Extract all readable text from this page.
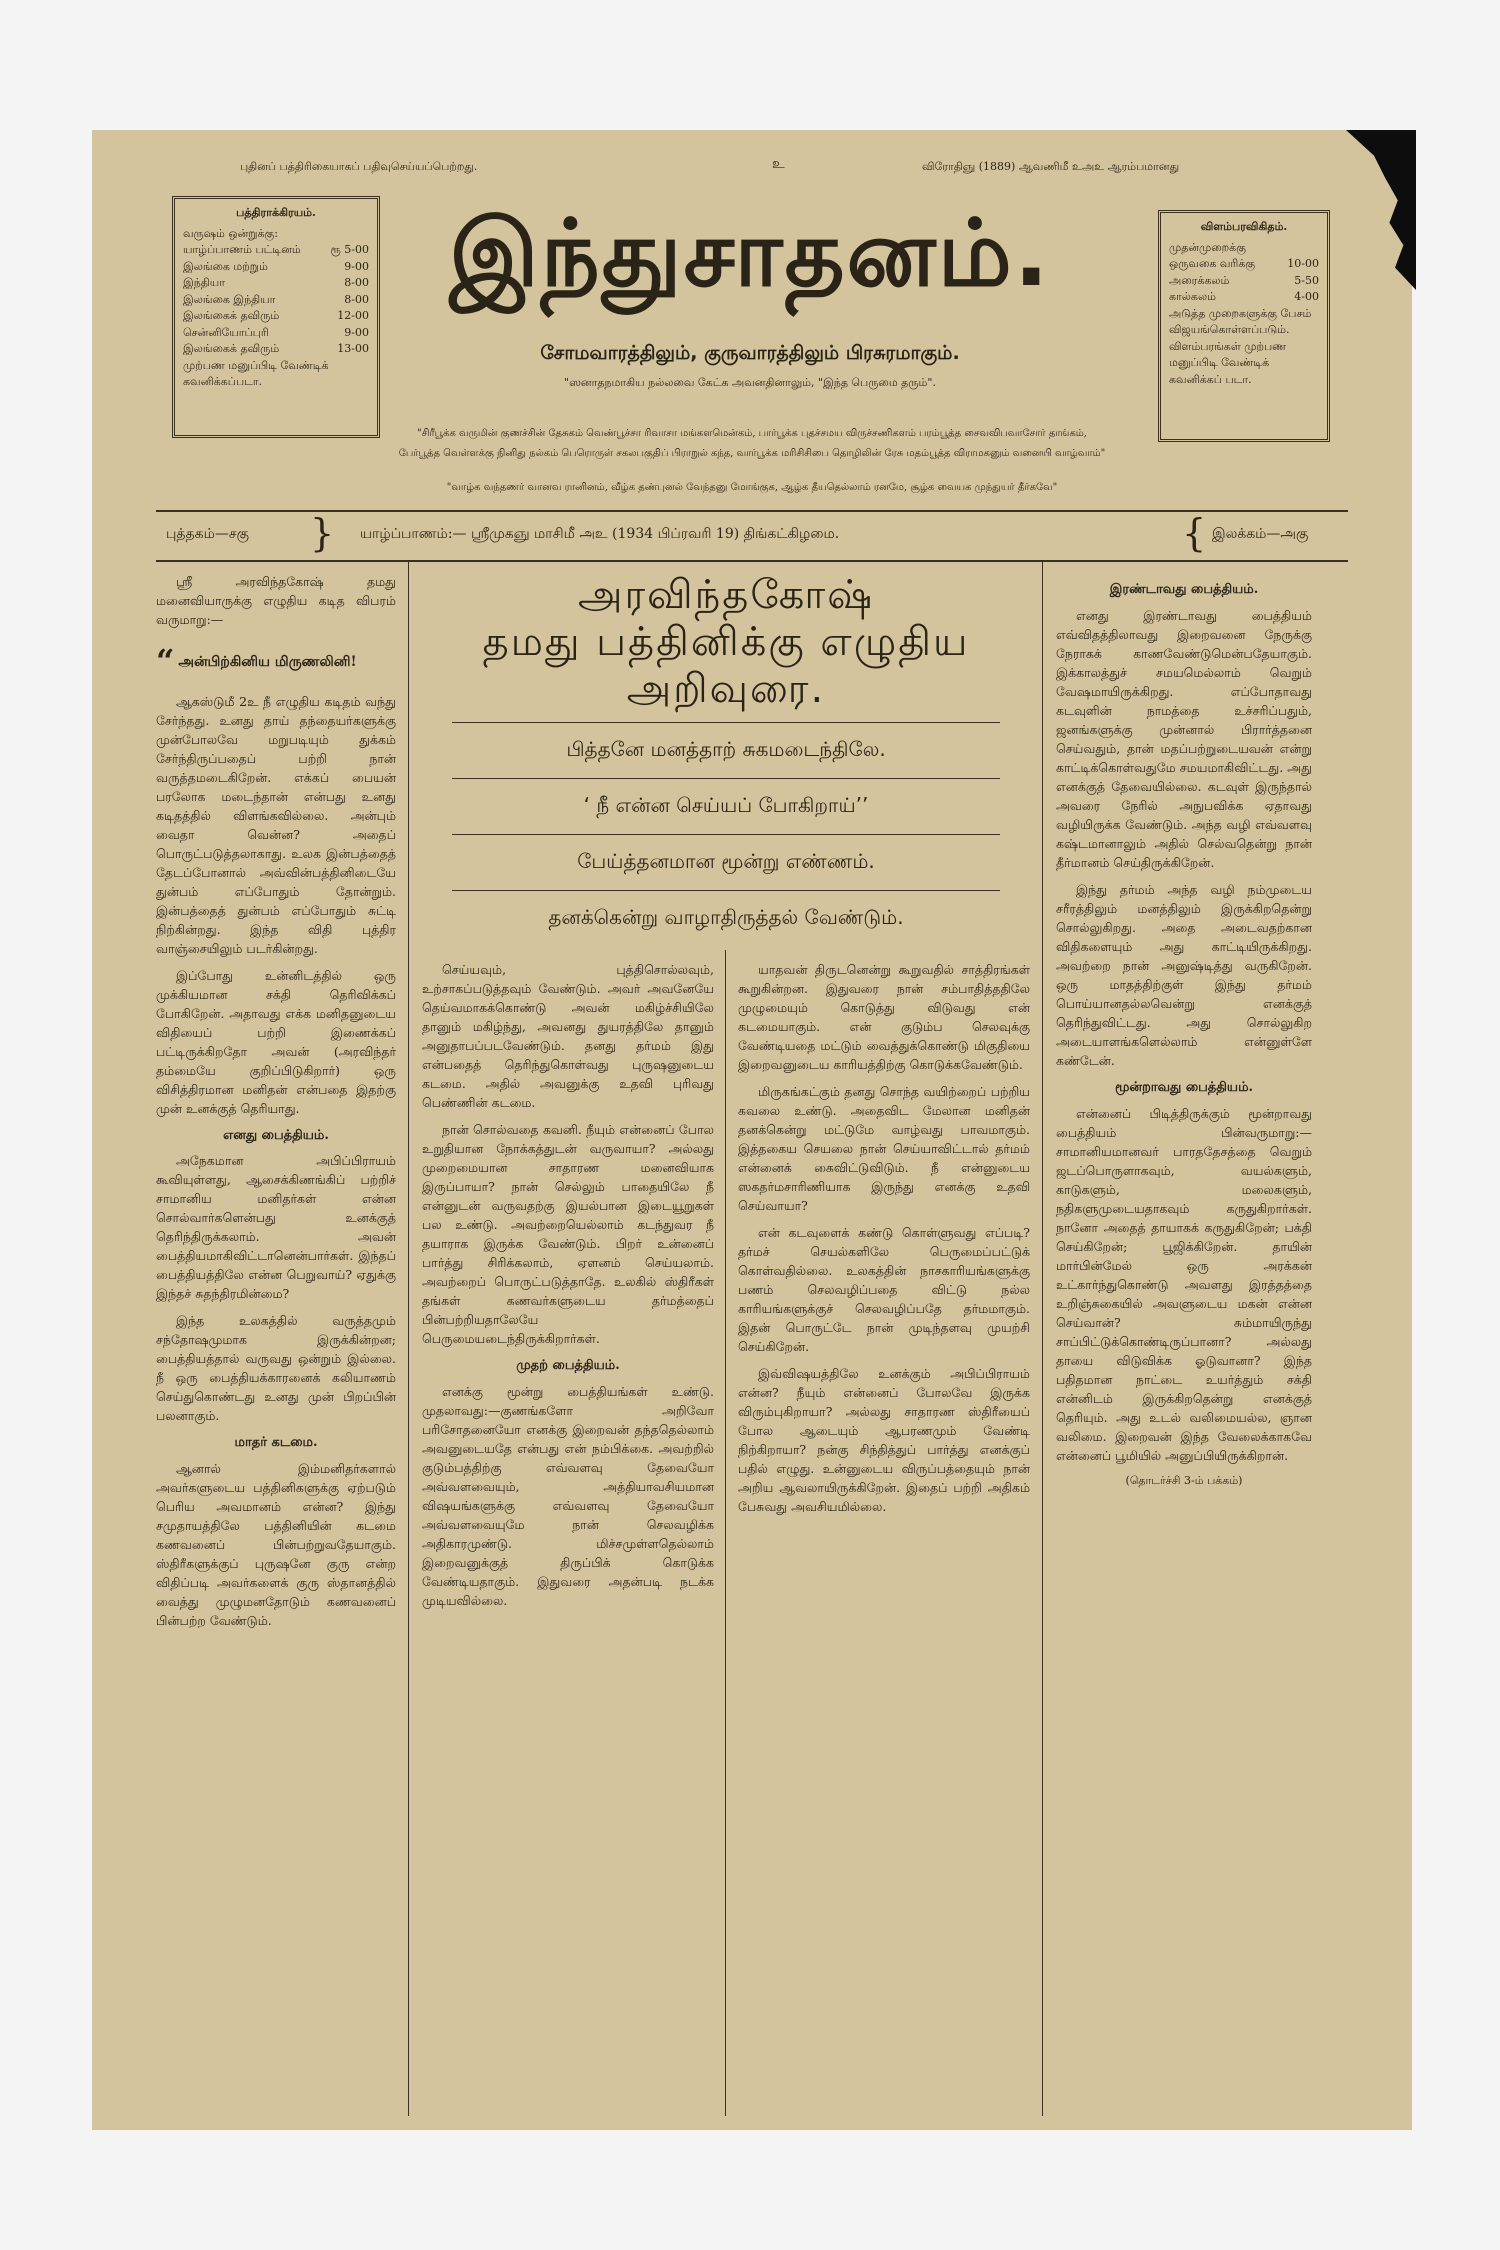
புதினப் பத்திரிகையாகப் பதிவுசெய்யப்பெற்றது.	உ	விரோதிஞு (1889) ஆவணிமீ உஅஉ ஆரம்பமானது
பத்திராக்கிரயம்.
வருஷம் ஒன்றுக்கு:
யாழ்ப்பாணம் பட்டினம்	ரூ 5-00
இலங்கை மற்றும்	9-00
இந்தியா	8-00
இலங்கை இந்தியா	8-00
இலங்கைக் தவிரும்	12-00
சென்னியோப்புரி	9-00
இலங்கைக் தவிரும்	13-00
முற்பண மனுப்பிடி வேண்டிக் கவனிக்கப்படா.
இந்துசாதனம்.
சோமவாரத்திலும், குருவாரத்திலும் பிரசுரமாகும்.
"ஸனாதநமாகிய நல்லவை கேட்க அவனதினாலும், "இந்த பெருமை தரும்".
விளம்பரவிகிதம்.
முதன்முறைக்கு
ஒருவகை வரிக்கு	10-00
அரைக்கலம்	5-50
கால்கலம்	4-00
அடுத்த முறைகளுக்கு பேசம் விஜயங்கொள்ளப்படும்.
விளம்பரங்கள் முற்பண மனுப்பிடி வேண்டிக் கவனிக்கப் படா.
"சிரீபூக்க வருமின் குணச்சின் தேசுகம் வெண்பூச்சா ரிவாசா மங்களமென்கம், பார்பூக்க புதச்சமய விருச்சணிகளம் பரம்பூத்த சைவவிபவாசோர் தாங்கம்,
பேர்பூத்த வெள்ளக்கு நினிது நல்கம் பெரொருள் சகலபகுதிப் பிராறுல் கந்த, வார்பூக்க மரிசிசிபை தொழிலின் ரேசு மதம்பூத்த விராமகனும் வனையி வாழ்வாம்"
"வாழ்க வந்தணர் வானவ ரானினம், வீழ்க தண்புனல் வேந்தனு மோங்குக, ஆழ்க தீயதெல்லாம் ரனமே, சூழ்க வையக முந்துயர் தீர்கவே"
புத்தகம்—சகு } யாழ்ப்பாணம்:— ஸ்ரீமுகஞு மாசிமீ அஉ (1934 பிப்ரவரி 19) திங்கட்கிழமை.	{ இலக்கம்—அகு

ஸ்ரீ அரவிந்தகோஷ் தமது மனைவியாருக்கு எழுதிய கடித விபரம் வருமாறு:—

“ அன்பிற்கினிய மிருணலினி!

ஆகஸ்டுமீ 2உ நீ எழுதிய கடிதம் வந்து சேர்ந்தது. உனது தாய் தந்தையர்களுக்கு முன்போலவே மறுபடியும் துக்கம் சேர்ந்திருப்பதைப் பற்றி நான் வருத்தமடைகிறேன். எக்கப் பையன் பரலோக மடைந்தான் என்பது உனது கடிதத்தில் விளங்கவில்லை. அன்பும் வைதா வென்ன? அதைப் பொருட்படுத்தலாகாது. உலக இன்பத்தைத் தேடப்போனால் அவ்வின்பத்தினிடையே துன்பம் எப்போதும் தோன்றும். இன்பத்தைத் துன்பம் எப்போதும் சுட்டி நிற்கின்றது. இந்த விதி புத்திர வாஞ்சையிலும் படர்கின்றது.

இப்போது உன்னிடத்தில் ஒரு முக்கியமான சக்தி தெரிவிக்கப் போகிறேன். அதாவது எக்க மனிதனுடைய விதியைப் பற்றி இணைக்கப் பட்டிருக்கிறதோ அவன் (அரவிந்தர் தம்மையே குறிப்பிடுகிறார்) ஒரு விசித்திரமான மனிதன் என்பதை இதற்கு முன் உனக்குத் தெரியாது.

எனது பைத்தியம்.

அநேகமான அபிப்பிராயம் கூவியுள்ளது, ஆசைக்கிணங்கிப் பற்றிச் சாமானிய மனிதர்கள் என்ன சொல்வார்களென்பது உனக்குத் தெரிந்திருக்கலாம். அவன் பைத்தியமாகிவிட்டானென்பார்கள். இந்தப் பைத்தியத்திலே என்ன பெறுவாய்? ஏதுக்கு இந்தச் சுதந்திரமின்மை?

இந்த உலகத்தில் வருத்தமும் சந்தோஷமுமாக இருக்கின்றன; பைத்தியத்தால் வருவது ஒன்றும் இல்லை. நீ ஒரு பைத்தியக்காரனைக் கலியாணம் செய்துகொண்டது உனது முன் பிறப்பின் பலனாகும்.

மாதர் கடமை.

ஆனால் இம்மனிதர்களால் அவர்களுடைய பத்தினிகளுக்கு ஏற்படும் பெரிய அவமானம் என்ன? இந்து சமுதாயத்திலே பத்தினியின் கடமை கணவனைப் பின்பற்றுவதேயாகும். ஸ்திரீகளுக்குப் புருஷனே குரு என்ற விதிப்படி அவர்களைக் குரு ஸ்தானத்தில் வைத்து முழுமனதோடும் கணவனைப் பின்பற்ற வேண்டும்.

அரவிந்தகோஷ்
தமது பத்தினிக்கு எழுதிய
அறிவுரை.
பித்தனே மனத்தாற் சுகமடைந்திலே.
‘ நீ என்ன செய்யப் போகிறாய்’’
பேய்த்தனமான மூன்று எண்ணம்.
தனக்கென்று வாழாதிருத்தல் வேண்டும்.

செய்யவும், புத்திசொல்லவும், உற்சாகப்படுத்தவும் வேண்டும். அவர் அவனேயே தெய்வமாகக்கொண்டு அவன் மகிழ்ச்சியிலே தானும் மகிழ்ந்து, அவனது துயரத்திலே தானும் அனுதாபப்படவேண்டும். தனது தர்மம் இது என்பதைத் தெரிந்துகொள்வது புருஷனுடைய கடமை. அதில் அவனுக்கு உதவி புரிவது பெண்ணின் கடமை.

நான் சொல்வதை கவனி. நீயும் என்னைப் போல உறுதியான நோக்கத்துடன் வருவாயா? அல்லது முறைமையான சாதாரண மனைவியாக இருப்பாயா? நான் செல்லும் பாதையிலே நீ என்னுடன் வருவதற்கு இயல்பான இடையூறுகள் பல உண்டு. அவற்றையெல்லாம் கடந்துவர நீ தயாராக இருக்க வேண்டும். பிறர் உன்னைப் பார்த்து சிரிக்கலாம், ஏளனம் செய்யலாம். அவற்றைப் பொருட்படுத்தாதே. உலகில் ஸ்திரீகள் தங்கள் கணவர்களுடைய தர்மத்தைப் பின்பற்றியதாலேயே பெருமையடைந்திருக்கிறார்கள்.

முதற் பைத்தியம்.

எனக்கு மூன்று பைத்தியங்கள் உண்டு. முதலாவது:—குணங்களோ அறிவோ பரிசோதனையோ எனக்கு இறைவன் தந்ததெல்லாம் அவனுடையதே என்பது என் நம்பிக்கை. அவற்றில் குடும்பத்திற்கு எவ்வளவு தேவையோ அவ்வளவையும், அத்தியாவசியமான விஷயங்களுக்கு எவ்வளவு தேவையோ அவ்வளவையுமே நான் செலவழிக்க அதிகாரமுண்டு. மிச்சமுள்ளதெல்லாம் இறைவனுக்குத் திருப்பிக் கொடுக்க வேண்டியதாகும். இதுவரை அதன்படி நடக்க முடியவில்லை.

யாதவன் திருடனென்று கூறுவதில் சாத்திரங்கள் கூறுகின்றன. இதுவரை நான் சம்பாதித்ததிலே முழுமையும் கொடுத்து விடுவது என் கடமையாகும். என் குடும்ப செலவுக்கு வேண்டியதை மட்டும் வைத்துக்கொண்டு மிகுதியை இறைவனுடைய காரியத்திற்கு கொடுக்கவேண்டும்.

மிருகங்கட்கும் தனது சொந்த வயிற்றைப் பற்றிய கவலை உண்டு. அதைவிட மேலான மனிதன் தனக்கென்று மட்டுமே வாழ்வது பாவமாகும். இத்தகைய செயலை நான் செய்யாவிட்டால் தர்மம் என்னைக் கைவிட்டுவிடும். நீ என்னுடைய ஸகதர்மசாரிணியாக இருந்து எனக்கு உதவி செய்வாயா?

என் கடவுளைக் கண்டு கொள்ளுவது எப்படி? தர்மச் செயல்களிலே பெருமைப்பட்டுக் கொள்வதில்லை. உலகத்தின் நாசகாரியங்களுக்கு பணம் செலவழிப்பதை விட்டு நல்ல காரியங்களுக்குச் செலவழிப்பதே தர்மமாகும். இதன் பொருட்டே நான் முடிந்தளவு முயற்சி செய்கிறேன்.

இவ்விஷயத்திலே உனக்கும் அபிப்பிராயம் என்ன? நீயும் என்னைப் போலவே இருக்க விரும்புகிறாயா? அல்லது சாதாரண ஸ்திரீயைப் போல ஆடையும் ஆபரணமும் வேண்டி நிற்கிறாயா? நன்கு சிந்தித்துப் பார்த்து எனக்குப் பதில் எழுது. உன்னுடைய விருப்பத்தையும் நான் அறிய ஆவலாயிருக்கிறேன். இதைப் பற்றி அதிகம் பேசுவது அவசியமில்லை.

இரண்டாவது பைத்தியம்.

எனது இரண்டாவது பைத்தியம் எவ்விதத்திலாவது இறைவனை நேருக்கு நேராகக் காணவேண்டுமென்பதேயாகும். இக்காலத்துச் சமயமெல்லாம் வெறும் வேஷமாயிருக்கிறது. எப்போதாவது கடவுளின் நாமத்தை உச்சரிப்பதும், ஜனங்களுக்கு முன்னால் பிரார்த்தனை செய்வதும், தான் மதப்பற்றுடையவன் என்று காட்டிக்கொள்வதுமே சமயமாகிவிட்டது. அது எனக்குத் தேவையில்லை. கடவுள் இருந்தால் அவரை நேரில் அநுபவிக்க ஏதாவது வழியிருக்க வேண்டும். அந்த வழி எவ்வளவு கஷ்டமானாலும் அதில் செல்வதென்று நான் தீர்மானம் செய்திருக்கிறேன்.

இந்து தர்மம் அந்த வழி நம்முடைய சரீரத்திலும் மனத்திலும் இருக்கிறதென்று சொல்லுகிறது. அதை அடைவதற்கான விதிகளையும் அது காட்டியிருக்கிறது. அவற்றை நான் அனுஷ்டித்து வருகிறேன். ஒரு மாதத்திற்குள் இந்து தர்மம் பொய்யானதல்லவென்று எனக்குத் தெரிந்துவிட்டது. அது சொல்லுகிற அடையாளங்களெல்லாம் என்னுள்ளே கண்டேன்.

மூன்றாவது பைத்தியம்.

என்னைப் பிடித்திருக்கும் மூன்றாவது பைத்தியம் பின்வருமாறு:— சாமானியமானவர் பாரததேசத்தை வெறும் ஜடப்பொருளாகவும், வயல்களும், காடுகளும், மலைகளும், நதிகளுமுடையதாகவும் கருதுகிறார்கள். நானோ அதைத் தாயாகக் கருதுகிறேன்; பக்தி செய்கிறேன்; பூஜிக்கிறேன். தாயின் மார்பின்மேல் ஒரு அரக்கன் உட்கார்ந்துகொண்டு அவளது இரத்தத்தை உறிஞ்சுகையில் அவளுடைய மகன் என்ன செய்வான்? சும்மாயிருந்து சாப்பிட்டுக்கொண்டிருப்பானா? அல்லது தாயை விடுவிக்க ஓடுவானா? இந்த பதிதமான நாட்டை உயர்த்தும் சக்தி என்னிடம் இருக்கிறதென்று எனக்குத் தெரியும். அது உடல் வலிமையல்ல, ஞான வலிமை. இறைவன் இந்த வேலைக்காகவே என்னைப் பூமியில் அனுப்பியிருக்கிறான்.

(தொடர்ச்சி 3-ம் பக்கம்)
